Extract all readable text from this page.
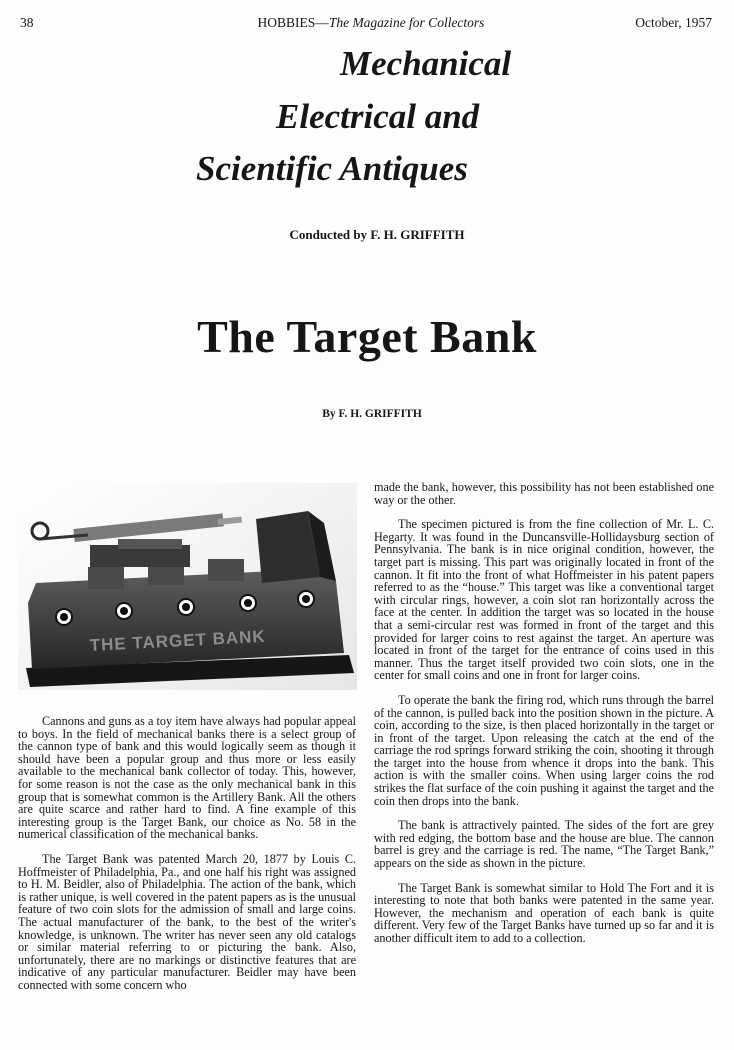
38	HOBBIES—The Magazine for Collectors	October, 1957
Mechanical
Electrical and
Scientific Antiques
Conducted by F. H. GRIFFITH
The Target Bank
By F. H. GRIFFITH
THE TARGET BANK

Cannons and guns as a toy item have always had popular appeal to boys. In the field of mechanical banks there is a select group of the cannon type of bank and this would logically seem as though it should have been a popular group and thus more or less easily available to the mechanical bank collector of today. This, however, for some reason is not the case as the only mechanical bank in this group that is somewhat common is the Artillery Bank. All the others are quite scarce and rather hard to find. A fine example of this interesting group is the Target Bank, our choice as No. 58 in the numerical classification of the mechanical banks.

The Target Bank was patented March 20, 1877 by Louis C. Hoffmeister of Philadelphia, Pa., and one half his right was assigned to H. M. Beidler, also of Philadelphia. The action of the bank, which is rather unique, is well covered in the patent papers as is the unusual feature of two coin slots for the admission of small and large coins. The actual manufacturer of the bank, to the best of the writer's knowledge, is unknown. The writer has never seen any old catalogs or similar material referring to or picturing the bank. Also, unfortunately, there are no markings or distinctive features that are indicative of any particular manufacturer. Beidler may have been connected with some concern who

made the bank, however, this possibility has not been established one way or the other.

The specimen pictured is from the fine collection of Mr. L. C. Hegarty. It was found in the Duncansville-Hollidaysburg section of Pennsylvania. The bank is in nice original condition, however, the target part is missing. This part was originally located in front of the cannon. It fit into the front of what Hoffmeister in his patent papers referred to as the “house.” This target was like a conventional target with circular rings, however, a coin slot ran horizontally across the face at the center. In addition the target was so located in the house that a semi-circular rest was formed in front of the target and this provided for larger coins to rest against the target. An aperture was located in front of the target for the entrance of coins used in this manner. Thus the target itself provided two coin slots, one in the center for small coins and one in front for larger coins.

To operate the bank the firing rod, which runs through the barrel of the cannon, is pulled back into the position shown in the picture. A coin, according to the size, is then placed horizontally in the target or in front of the target. Upon releasing the catch at the end of the carriage the rod springs forward striking the coin, shooting it through the target into the house from whence it drops into the bank. This action is with the smaller coins. When using larger coins the rod strikes the flat surface of the coin pushing it against the target and the coin then drops into the bank.

The bank is attractively painted. The sides of the fort are grey with red edging, the bottom base and the house are blue. The cannon barrel is grey and the carriage is red. The name, “The Target Bank,” appears on the side as shown in the picture.

The Target Bank is somewhat similar to Hold The Fort and it is interesting to note that both banks were patented in the same year. However, the mechanism and operation of each bank is quite different. Very few of the Target Banks have turned up so far and it is another difficult item to add to a collection.
